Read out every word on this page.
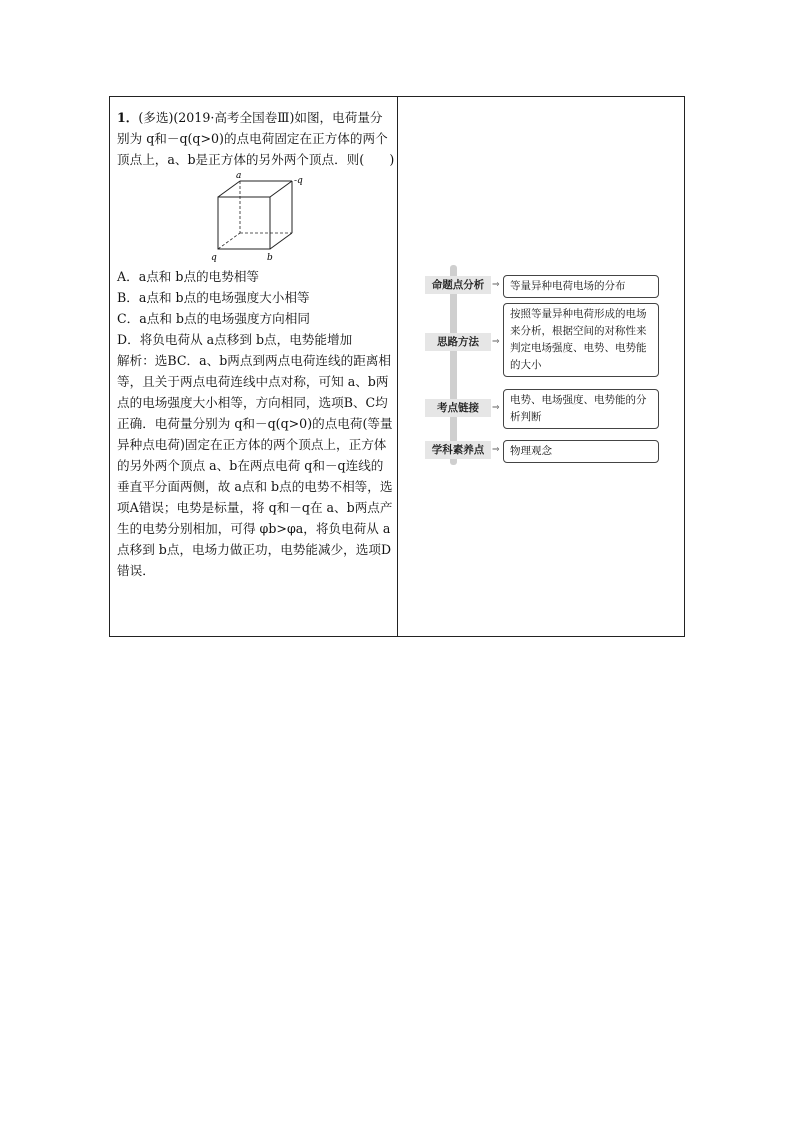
1．(多选)(2019·高考全国卷Ⅲ)如图，电荷量分别为 q和－q(q>0)的点电荷固定在正方体的两个顶点上，a、b是正方体的另外两个顶点．则(　　)

a	-q
q	b

A．a点和 b点的电势相等

B．a点和 b点的电场强度大小相等

C．a点和 b点的电场强度方向相同

D．将负电荷从 a点移到 b点，电势能增加

解析：选BC．a、b两点到两点电荷连线的距离相等，且关于两点电荷连线中点对称，可知 a、b两点的电场强度大小相等，方向相同，选项B、C均正确．电荷量分别为 q和－q(q>0)的点电荷(等量异种点电荷)固定在正方体的两个顶点上，正方体的另外两个顶点 a、b在两点电荷 q和－q连线的垂直平分面两侧，故 a点和 b点的电势不相等，选项A错误；电势是标量，将 q和－q在 a、b两点产生的电势分别相加，可得 φb>φa，将负电荷从 a点移到 b点，电场力做正功，电势能减少，选项D错误．

命题点分析 ⇒ 等量异种电荷电场的分布
思路方法	⇒
按照等量异种电荷形成的电场来分析，根据空间的对称性来判定电场强度、电势、电势能的大小
考点链接	⇒
电势、电场强度、电势能的分析判断
学科素养点 ⇒ 物理观念
